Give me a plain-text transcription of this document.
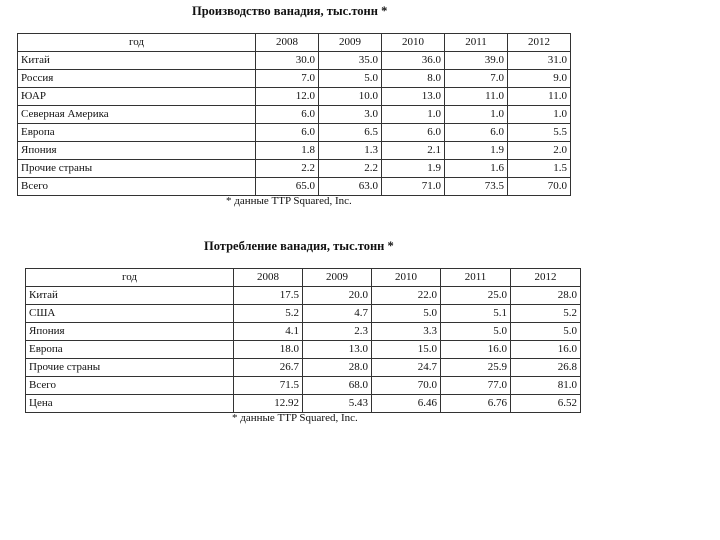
Производство ванадия, тыс.тонн *
год	2008	2009	2010	2011	2012
Китай	30.0	35.0	36.0	39.0	31.0
Россия	7.0	5.0	8.0	7.0	9.0
ЮАР	12.0	10.0	13.0	11.0	11.0
Северная Америка	6.0	3.0	1.0	1.0	1.0
Европа	6.0	6.5	6.0	6.0	5.5
Япония	1.8	1.3	2.1	1.9	2.0
Прочие страны	2.2	2.2	1.9	1.6	1.5
Всего	65.0	63.0	71.0	73.5	70.0
* данные TTP Squared, Inc.
Потребление ванадия, тыс.тонн *
год	2008	2009	2010	2011	2012
Китай	17.5	20.0	22.0	25.0	28.0
США	5.2	4.7	5.0	5.1	5.2
Япония	4.1	2.3	3.3	5.0	5.0
Европа	18.0	13.0	15.0	16.0	16.0
Прочие страны	26.7	28.0	24.7	25.9	26.8
Всего	71.5	68.0	70.0	77.0	81.0
Цена	12.92	5.43	6.46	6.76	6.52
* данные TTP Squared, Inc.
